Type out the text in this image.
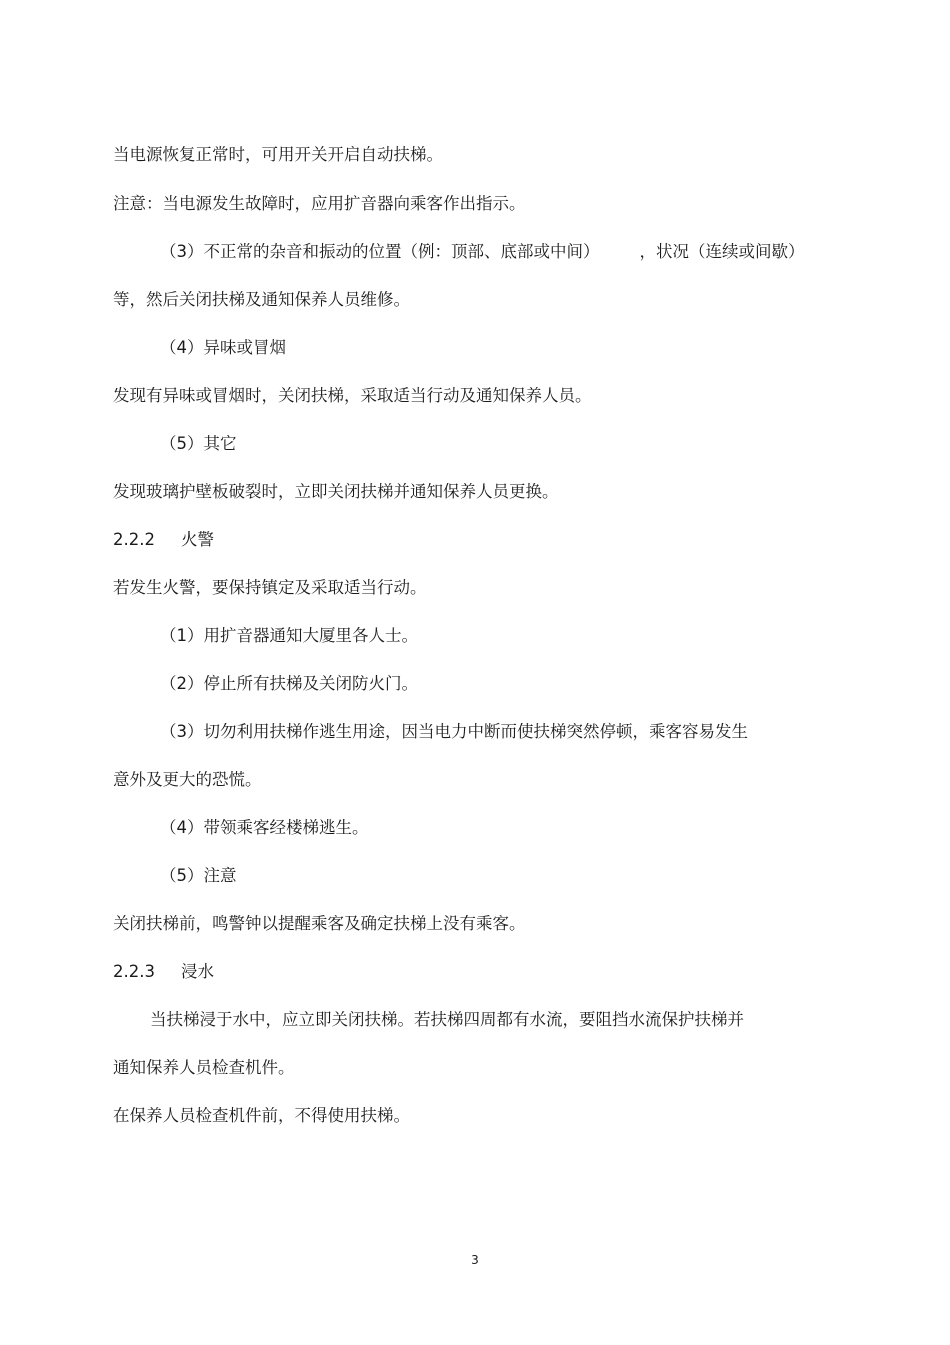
当电源恢复正常时，可用开关开启自动扶梯。
注意：当电源发生故障时，应用扩音器向乘客作出指示。
（3）不正常的杂音和振动的位置（例：顶部、底部或中间） ，状况（连续或间歇）
等，然后关闭扶梯及通知保养人员维修。
（4）异味或冒烟
发现有异味或冒烟时，关闭扶梯，采取适当行动及通知保养人员。
（5）其它
发现玻璃护壁板破裂时，立即关闭扶梯并通知保养人员更换。
2.2.2 火警
若发生火警，要保持镇定及采取适当行动。
（1）用扩音器通知大厦里各人士。
（2）停止所有扶梯及关闭防火门。
（3）切勿利用扶梯作逃生用途，因当电力中断而使扶梯突然停顿，乘客容易发生
意外及更大的恐慌。
（4）带领乘客经楼梯逃生。
（5）注意
关闭扶梯前，鸣警钟以提醒乘客及确定扶梯上没有乘客。
2.2.3 浸水
当扶梯浸于水中，应立即关闭扶梯。若扶梯四周都有水流，要阻挡水流保护扶梯并
通知保养人员检查机件。
在保养人员检查机件前，不得使用扶梯。
3
